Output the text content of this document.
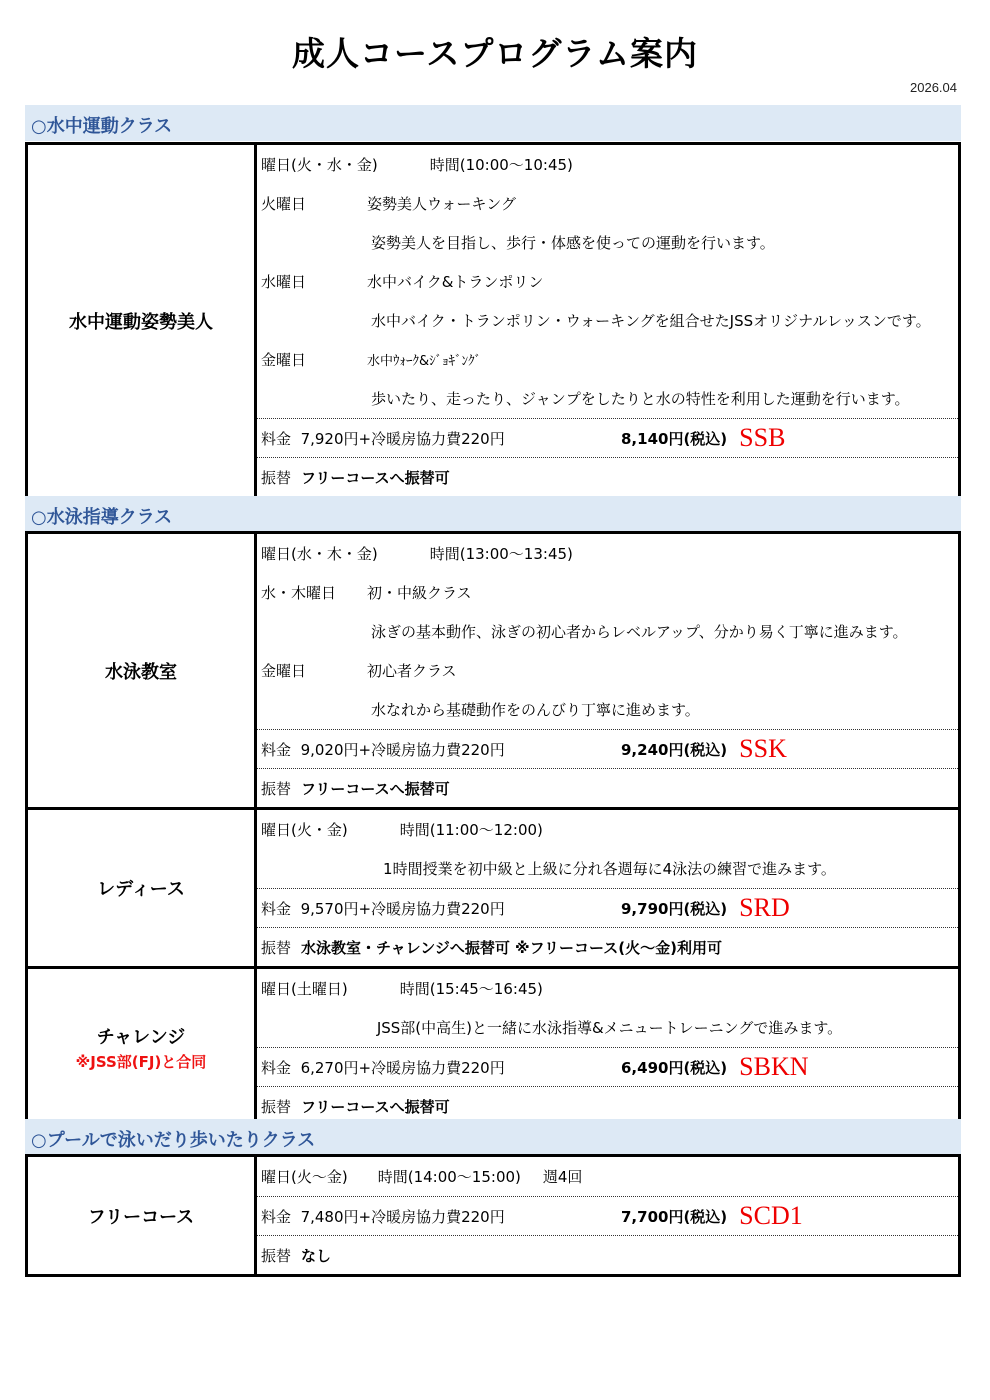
成人コースプログラム案内
2026.04
○水中運動クラス
水中運動姿勢美人
曜日(火・水・金)	時間(10:00～10:45)
火曜日	姿勢美人ウォーキング
姿勢美人を目指し、歩行・体感を使っての運動を行います。
水曜日	水中バイク&トランポリン
水中バイク・トランポリン・ウォーキングを組合せたJSSオリジナルレッスンです。
金曜日	水中ｳｫｰｸ&ｼﾞｮｷﾞﾝｸﾞ
歩いたり、走ったり、ジャンプをしたりと水の特性を利用した運動を行います。
料金 7,920円+冷暖房協力費220円	8,140円(税込) SSB
振替 フリーコースへ振替可
○水泳指導クラス
水泳教室
曜日(水・木・金)	時間(13:00～13:45)
水・木曜日	初・中級クラス
泳ぎの基本動作、泳ぎの初心者からレベルアップ、分かり易く丁寧に進みます。
金曜日	初心者クラス
水なれから基礎動作をのんびり丁寧に進めます。
料金 9,020円+冷暖房協力費220円	9,240円(税込) SSK
振替 フリーコースへ振替可
レディース
曜日(火・金)	時間(11:00～12:00)
1時間授業を初中級と上級に分れ各週毎に4泳法の練習で進みます。
料金 9,570円+冷暖房協力費220円	9,790円(税込) SRD
振替 水泳教室・チャレンジへ振替可 ※フリーコース(火～金)利用可
チャレンジ
※JSS部(FJ)と合同
曜日(土曜日)	時間(15:45～16:45)
JSS部(中高生)と一緒に水泳指導&メニュートレーニングで進みます。
料金 6,270円+冷暖房協力費220円	6,490円(税込) SBKN
振替 フリーコースへ振替可
○プールで泳いだり歩いたりクラス
フリーコース
曜日(火～金) 時間(14:00～15:00) 週4回
料金 7,480円+冷暖房協力費220円	7,700円(税込) SCD1
振替 なし
